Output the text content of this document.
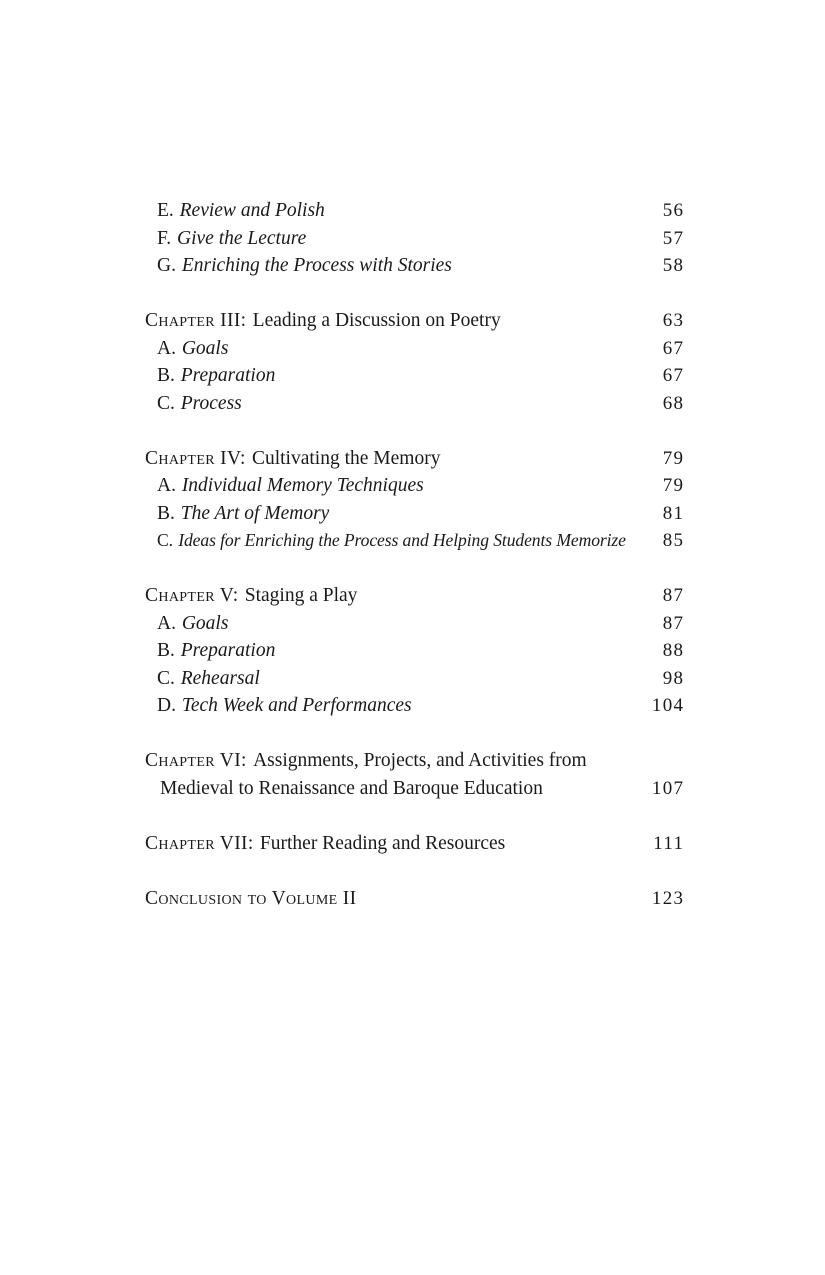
E. Review and Polish	56
F. Give the Lecture	57
G. Enriching the Process with Stories	58
Chapter III: Leading a Discussion on Poetry	63
A. Goals	67
B. Preparation	67
C. Process	68
Chapter IV: Cultivating the Memory	79
A. Individual Memory Techniques	79
B. The Art of Memory	81
C. Ideas for Enriching the Process and Helping Students Memorize	85
Chapter V: Staging a Play	87
A. Goals	87
B. Preparation	88
C. Rehearsal	98
D. Tech Week and Performances	104
Chapter VI: Assignments, Projects, and Activities from
Medieval to Renaissance and Baroque Education	107
Chapter VII: Further Reading and Resources	111
Conclusion to Volume II	123
